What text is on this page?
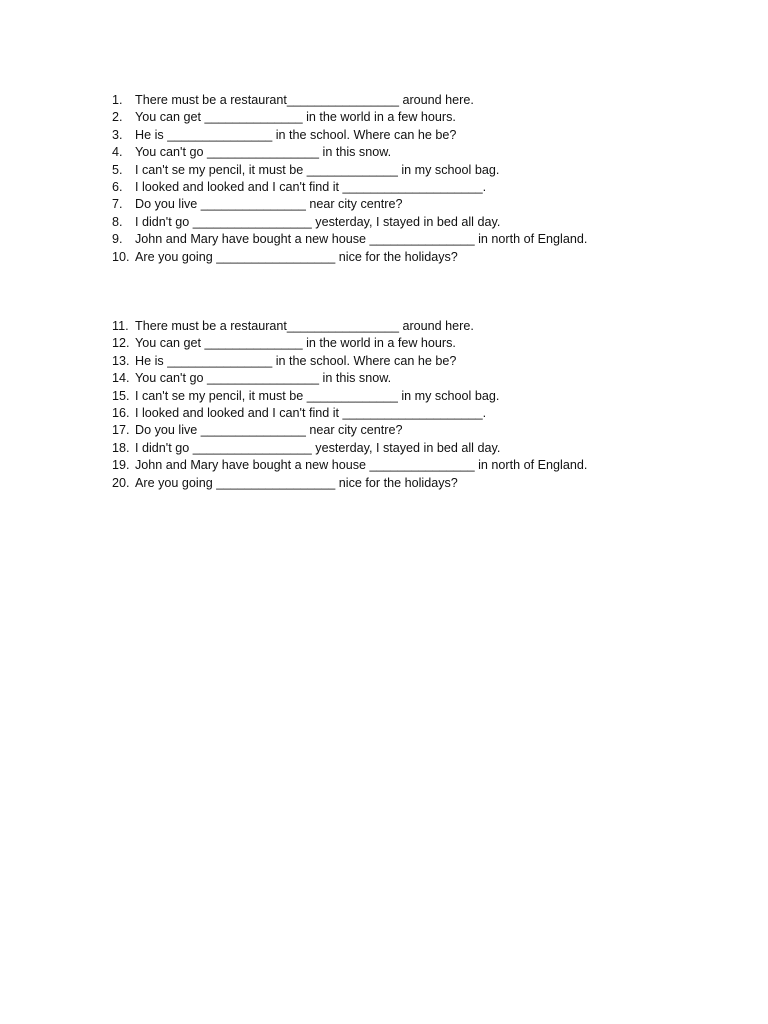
1. There must be a restaurant________________ around here.
2. You can get ______________ in the world in a few hours.
3. He is _______________ in the school. Where can he be?
4. You can't go ________________ in this snow.
5. I can't se my pencil, it must be _____________ in my school bag.
6. I looked and looked and I can't find it ____________________.
7. Do you live _______________ near city centre?
8. I didn't go _________________ yesterday, I stayed in bed all day.
9. John and Mary have bought a new house _______________ in north of England.
10. Are you going _________________ nice for the holidays?
11. There must be a restaurant________________ around here.
12. You can get ______________ in the world in a few hours.
13. He is _______________ in the school. Where can he be?
14. You can't go ________________ in this snow.
15. I can't se my pencil, it must be _____________ in my school bag.
16. I looked and looked and I can't find it ____________________.
17. Do you live _______________ near city centre?
18. I didn't go _________________ yesterday, I stayed in bed all day.
19. John and Mary have bought a new house _______________ in north of England.
20. Are you going _________________ nice for the holidays?
